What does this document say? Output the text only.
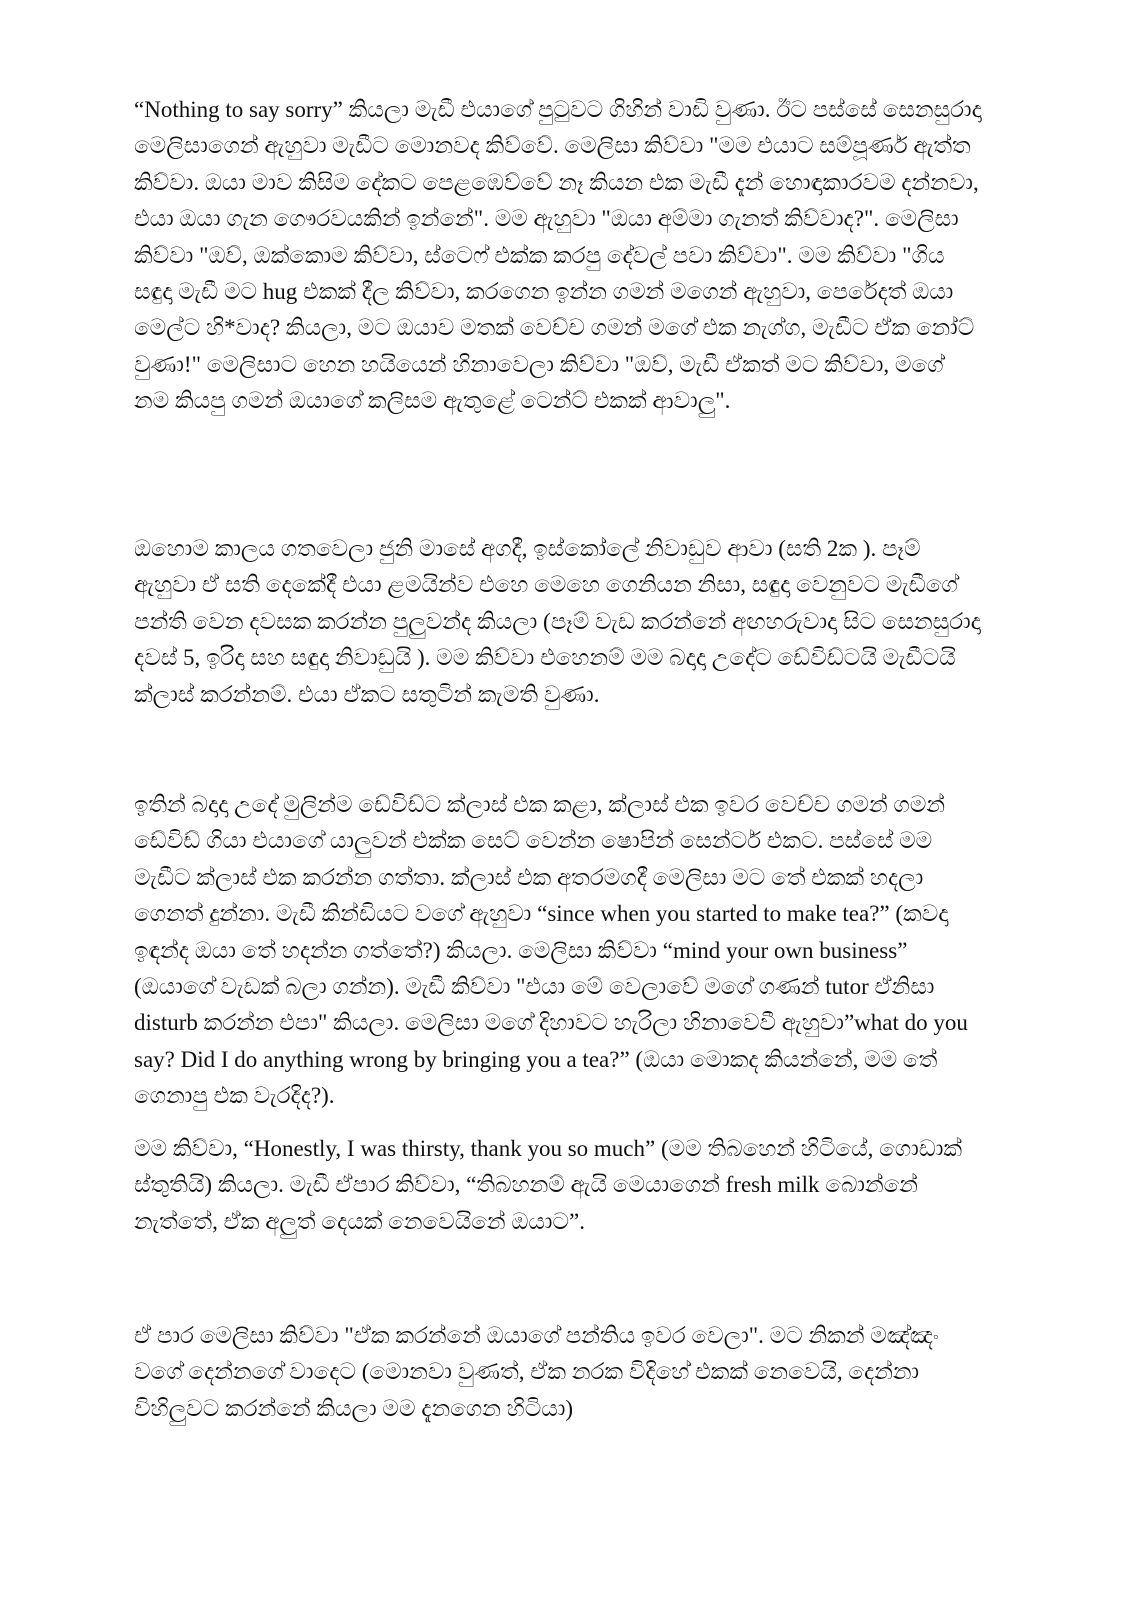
“Nothing to say sorry” කියලා මැඩී එයාගේ පුටුවට ගිහින් වාඩි වුණා. ඊට පස්සේ සෙනසුරාදා මෙලිසාගෙන් ඇහුවා මැඩීට මොනවද කිව්වේ. මෙලිසා කිව්වා "මම එයාට සම්පූර්ණ ඇත්ත කිව්වා. ඔයා මාව කිසිම දේකට පෙළඹෙව්වේ නෑ කියන එක මැඩී දැන් හොඳාකාරවම දන්නවා, එයා ඔයා ගැන ගෞරවයකින් ඉන්නේ". මම ඇහුවා "ඔයා අම්මා ගැනත් කිව්වාද?". මෙලිසා කිව්වා "ඔව්, ඔක්කොම කිව්වා, ස්ටෙෆ් එක්ක කරපු දේවල් පවා කිව්වා". මම කිව්වා "ගිය සඳුදා මැඩී මට hug එකක් දීල කිව්වා, කරගෙන ඉන්න ගමන් මගෙන් ඇහුවා, පෙරේදත් ඔයා මෙල්ට හි*වාද? කියලා, මට ඔයාව මතක් වෙච්ච ගමන් මගේ එක නැග්ග, මැඩීට ඒක නෝට් වුණා!" මෙලිසාට හෙන හයියෙන් හිනාවෙලා කිව්වා "ඔව්, මැඩී ඒකත් මට කිව්වා, මගේ නම කියපු ගමන් ඔයාගේ කලිසම ඇතුළේ ටෙන්ට් එකක් ආවාලු".

ඔහොම කාලය ගතවෙලා ජුනි මාසේ අගදී, ඉස්කෝලේ නිවාඩුව ආවා (සති 2ක ). පෑම් ඇහුවා ඒ සති දෙකේදී එයා ළමයින්ව එහෙ මෙහෙ ගෙනියන නිසා, සඳුදා වෙනුවට මැඩීගේ පන්ති වෙන දවසක කරන්න පුලුවන්ද කියලා (පෑම් වැඩ කරන්නේ අඟහරුවාදා සිට සෙනසුරාදා දවස් 5, ඉරිදා සහ සඳුදා නිවාඩුයි ). මම කිව්වා එහෙනම් මම බදාදා උදේට ඩේවිඩ්ටයි මැඩීටයි ක්ලාස් කරන්නම්. එයා ඒකට සතුටින් කැමති වුණා.

ඉතින් බදාදා උදේ මුලින්ම ඩේවිඩ්ට ක්ලාස් එක කළා, ක්ලාස් එක ඉවර වෙච්ච ගමන් ගමන් ඩේවිඩ් ගියා එයාගේ යාලුවන් එක්ක සෙට් වෙන්න ෂොපින් සෙන්ටර් එකට. පස්සේ මම මැඩීට ක්ලාස් එක කරන්න ගත්තා. ක්ලාස් එක අතරමගදී මෙලිසා මට තේ එකක් හදලා ගෙනත් දුන්නා. මැඩී කින්ඩියට වගේ ඇහුවා “since when you started to make tea?” (කවදා ඉඳන්ද ඔයා තේ හදන්න ගත්තේ?) කියලා. මෙලිසා කිව්වා “mind your own business” (ඔයාගේ වැඩක් බලා ගන්න). මැඩී කිව්වා "එයා මේ වෙලාවේ මගේ ගණන් tutor ඒනිසා disturb කරන්න එපා" කියලා. මෙලිසා මගේ දිහාවට හැරිලා හිනාවෙවී ඇහුවා”what do you say? Did I do anything wrong by bringing you a tea?” (ඔයා මොකද කියන්නේ, මම තේ ගෙනාපු එක වැරදිද?).

මම කිව්වා, “Honestly, I was thirsty, thank you so much” (මම තිබහෙන් හිටියේ, ගොඩාක් ස්තුතියි) කියලා. මැඩී ඒපාර කිව්වා, “තිබහනම් ඇයි මෙයාගෙන් fresh milk බොන්නේ නැත්තේ, ඒක අලුත් දෙයක් නෙවෙයිනේ ඔයාට”.

ඒ පාර මෙලිසා කිව්වා "ඒක කරන්නේ ඔයාගේ පන්තිය ඉවර වෙලා". මට නිකන් මඤ්ඤං වගේ දෙන්නගේ වාදෙට (මොනවා වුණත්, ඒක නරක විදිහේ එකක් නෙවෙයි, දෙන්නා විහිලුවට කරන්නේ කියලා මම දැනගෙන හිටියා)
